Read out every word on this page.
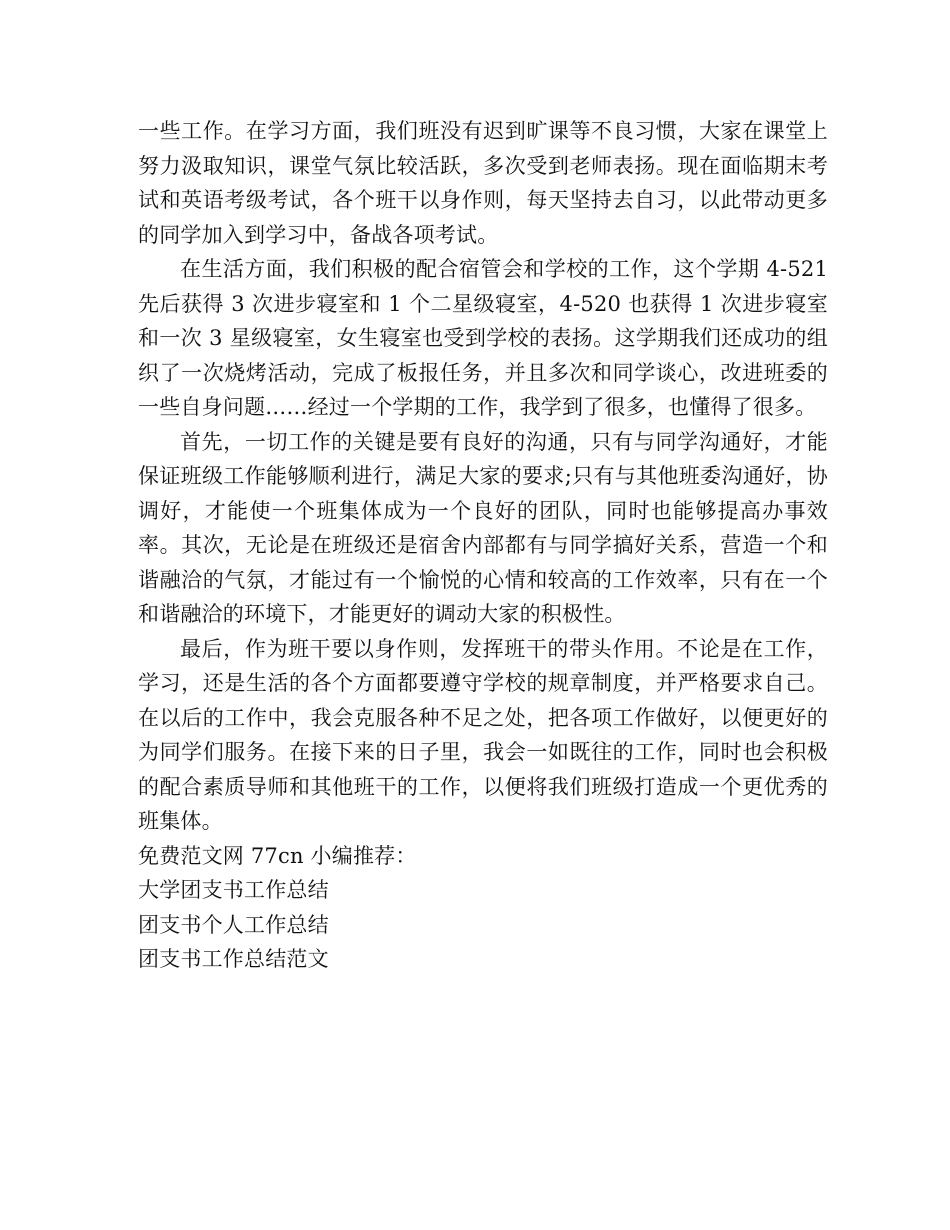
一些工作。在学习方面，我们班没有迟到旷课等不良习惯，大家在课堂上努力汲取知识，课堂气氛比较活跃，多次受到老师表扬。现在面临期末考试和英语考级考试，各个班干以身作则，每天坚持去自习，以此带动更多的同学加入到学习中，备战各项考试。

在生活方面，我们积极的配合宿管会和学校的工作，这个学期 4-521 先后获得 3 次进步寝室和 1 个二星级寝室，4-520 也获得 1 次进步寝室和一次 3 星级寝室，女生寝室也受到学校的表扬。这学期我们还成功的组织了一次烧烤活动，完成了板报任务，并且多次和同学谈心，改进班委的一些自身问题……经过一个学期的工作，我学到了很多，也懂得了很多。

首先，一切工作的关键是要有良好的沟通，只有与同学沟通好，才能保证班级工作能够顺利进行，满足大家的要求;只有与其他班委沟通好，协调好，才能使一个班集体成为一个良好的团队，同时也能够提高办事效率。其次，无论是在班级还是宿舍内部都有与同学搞好关系，营造一个和谐融洽的气氛，才能过有一个愉悦的心情和较高的工作效率，只有在一个和谐融洽的环境下，才能更好的调动大家的积极性。

最后，作为班干要以身作则，发挥班干的带头作用。不论是在工作，学习，还是生活的各个方面都要遵守学校的规章制度，并严格要求自己。在以后的工作中，我会克服各种不足之处，把各项工作做好，以便更好的为同学们服务。在接下来的日子里，我会一如既往的工作，同时也会积极的配合素质导师和其他班干的工作，以便将我们班级打造成一个更优秀的班集体。

免费范文网 77cn 小编推荐：
大学团支书工作总结
团支书个人工作总结
团支书工作总结范文
